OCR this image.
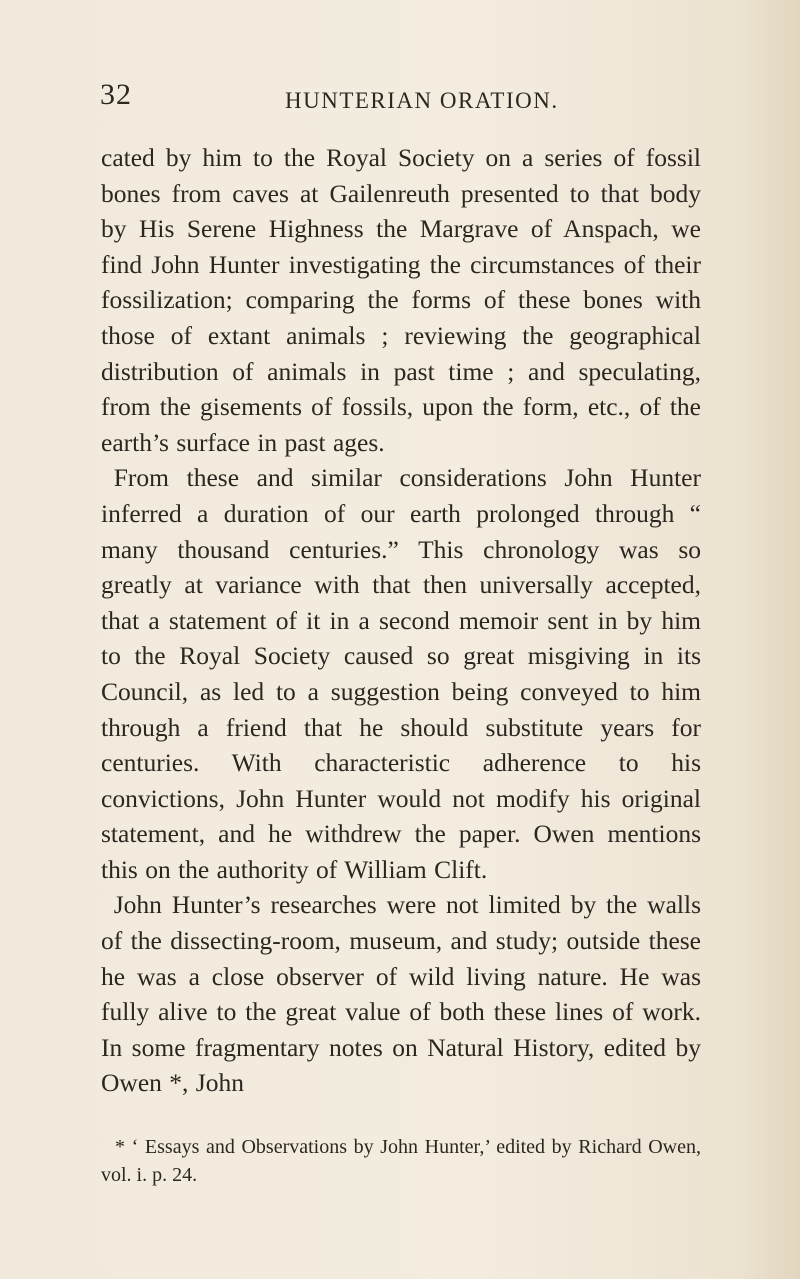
32	HUNTERIAN ORATION.

cated by him to the Royal Society on a series of fossil bones from caves at Gailenreuth presented to that body by His Serene Highness the Margrave of Anspach, we find John Hunter investigating the circumstances of their fossilization; comparing the forms of these bones with those of extant animals ; reviewing the geographical distribution of animals in past time ; and speculating, from the gisements of fossils, upon the form, etc., of the earth’s surface in past ages.

From these and similar considerations John Hunter inferred a duration of our earth prolonged through “ many thousand centuries.” This chronology was so greatly at variance with that then universally accepted, that a statement of it in a second memoir sent in by him to the Royal Society caused so great misgiving in its Council, as led to a suggestion being conveyed to him through a friend that he should substitute years for centuries. With characteristic adherence to his convictions, John Hunter would not modify his original statement, and he withdrew the paper. Owen mentions this on the authority of William Clift.

John Hunter’s researches were not limited by the walls of the dissecting-room, museum, and study; outside these he was a close observer of wild living nature. He was fully alive to the great value of both these lines of work. In some fragmentary notes on Natural History, edited by Owen *, John

* ‘ Essays and Observations by John Hunter,’ edited by Richard Owen, vol. i. p. 24.
